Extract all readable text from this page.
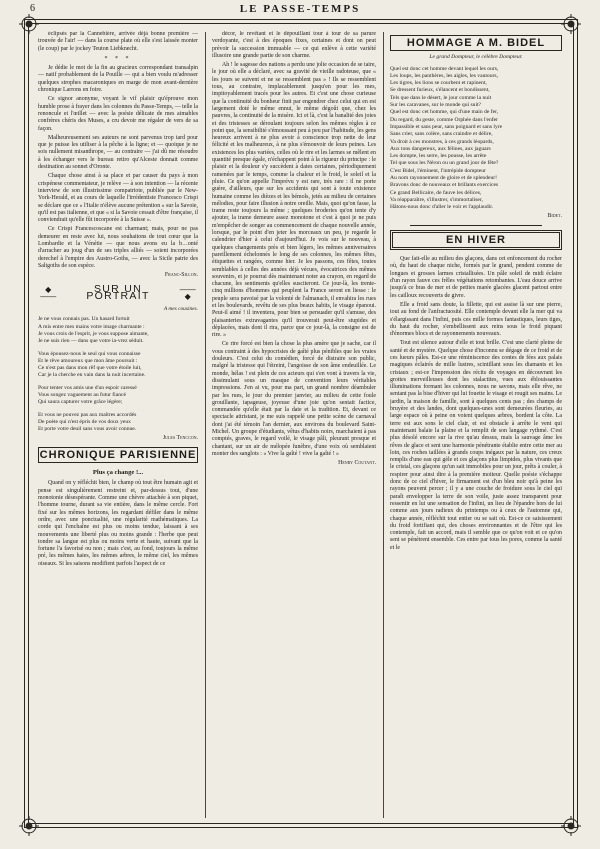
6	LE PASSE-TEMPS

éclipsés par la Cannebière, arrivée déjà bonne première — trouvée de l'air! — dans la course plate où elle s'est laissée monter (le coup) par le jockey Teuton Liebknecht.

* * *

Je dédie le mot de la fin au gracieux correspondant transalpin — natif probablement de la Pouille — qui a bien voulu m'adresser quelques strophes macaroniques en marge de mon avant-dernière chronique Larrons en foire.

Ce signor anonyme, voyant le vif plaisir qu'éprouve mon humble prose à frayer dans les colonnes du Passe-Temps, — telle la renoncule et l'œillet — avec la poésie délicate de mes aimables confrères chéris des Muses, a cru devoir me régaler de vers de sa façon.

Malheureusement ses auteurs ne sont parvenus trop tard pour que je puisse les utiliser à la pêche à la ligne; et — quoique je ne sois nullement misanthrope, — au contraire — j'ai dû me résoudre à les échanger vers le bureau retiro qu'Alceste donnait comme destination au sonnet d'Oronte.

Chaque chose ainsi à sa place et par causer du pays à mon crispénese commentateur, je relève — à son intention — la récente interview de son illustrissime compatriote, publiée par le New-York-Herald, et au cours de laquelle l'irrédentiste Francesco Crispi se déclare que ce « l'Italie n'élève aucune prétention » sur la Savoie, qu'il est pas italienne, et que « si la Savoie cessait d'être française, il conviendrait qu'elle fût incorporée à la Suisse ».

Ce Crispi Francescoscane est charmant; mais, pour ne pas demeurer en reste avec lui, nous souhaitons de tout cœur que la Lombardie et la Vénétie — que nous avons eu la b…onté d'arracher au joug d'un de ses triples alliés — soient incorporées derechef à l'empire des Austro-Goths, — avec la Sicile patrie des Saltgoths de son espèce.

Franc-Sillon.
◆——
SUR UN PORTRAIT
——◆
A mes cousines.
Je ne vous connais pas. Un hasard fortuit
A mis entre mes mains votre image charmante :
Je vous crois de l'esprit, je vous suppose aimante,
Je ne suis rien — dans que votre ia-vrez séduit.
Vous épousez-nous le seul qui vous connaisse
Et le rêve amoureux que mon âme poursuit :
Ce n'est pas dans mon rêf que votre étoile luit,
Car je la cherche en vain dans la nuit incertaine.
Pour tenter vos amis une d'un espoir caressé
Vous songez vaguement au futur fiancé
Qui saura capturer votre grâce légère;
Et vous ne pouvez pas aux maîtres accordés
De poète qui n'est épris de vos doux yeux
Et porte votre deuil sans vous avoir connue.
Jules Tenccon.
CHRONIQUE PARISIENNE
Plus ça change !...

Quand on y réfléchit bien, le champ où tout être humain agit et pense est singulièrement restreint et, par-dessus tout, d'une monotonie désespérante. Comme une chèvre attachée à son piquet, l'homme tourne, durant sa vie entière, dans le même cercle. Fort fixé sur les mêmes horizons, les regardant défiler dans le même ordre, avec une ponctualité, une régularité mathématiques. La corde qui l'enchaîne est plus ou moins tendue, laissant à ses mouvements une liberté plus ou moins grande : l'herbe que peut tondre sa langue est plus ou moins verte et haute, suivant que la fortune l'a favorisé ou non ; mais c'est, au fond, toujours la même pré, les mêmes haies, les mêmes arbres, le même ciel, les mêmes oiseaux. Si les saisons modifient parfois l'aspect de ce

décor, le revêtant et le dépouillant tour à tour de sa parure verdoyante, c'est à des époques fixes, certaines et dont on peut prévoir la succession immuable — ce qui enlève à cette variété illusoire une grande partie de son charme.

Ah ! le sagesse des nations a perdu une jolie occasion de se taire, le jour où elle a déclaré, avec sa gravité de vieille radoteuse, que « les jours se suivent et ne se ressemblent pas » ! Ils se ressemblent tous, au contraire, implacablement jusqu'en pour les mes, impitoyablement tracés pour les autres. Et c'est une chose curieuse que la continuité du bonheur finit par engendrer chez celui qui en est largement doté le même ennui, le même dégoût que, chez les pauvres, la continuité de la misère. Ici et là, c'est la banalité des joies et des tristesses se déroulant toujours selon les mêmes règles à ce point que, la sensibilité s'émoussant peu à peu par l'habitude, les gens heureux arrivent à ne plus avoir à conscience trop nette de leur félicité et les malheureux, à ne plus s'émouvoir de leurs peines. Les existences les plus variées, celles où le rire et les larmes se mêlent en quantité presque égale, n'échappent point à la rigueur du principe : le plaisir et la douleur s'y succèdent à dates certaines, périodiquement ramenées par le temps, comme la chaleur et le froid, le soleil et la pluie. Ce qu'on appelle l'imprévu y est rare, très rare : il ne porte guère, d'ailleurs, que sur les accidents qui sont à toute existence humaine comme les dièzes et les bémols, jetés au milieu de certaines mélodies, pour faire illusion à notre oreille. Mais, quoi qu'on fasse, la trame reste toujours la même ; quelques broderies qu'on tente d'y ajouter, la trame demeure assez monotone et c'est à quoi je ne puis m'empêcher de songer au commencement de chaque nouvelle année, lorsque, par le point d'en jeter les morceaux un peu, je regarde le calendrier d'hier à celui d'aujourd'hui. Je vois sur le nouveau, à quelques changements près et bien légers, les mêmes anniversaires pareillement échelonnés le long de ses colonnes, les mêmes fêtes, étiquettes et rangées, comme hier. Je les passons, ces fêtes, toutes semblables à celles des années déjà vécues, évocatrices des mêmes souvenirs, et je pourrai dès maintenant noter au crayon, en regard de chacune, les sentiments qu'elles susciteront. Ce jour-là, les trente-cinq millions d'hommes qui peuplent la France seront en liesse : le peuple sera pavoisé par la volonté de l'almanach, il envahira les rues et les boulevards, revêtu de ses plus beaux habits, le visage épanoui. Peut-il aimé ! il inventera, pour bien se persuader qu'il s'amuse, des plaisanteries extravagantes qu'il trouverait peut-être stupides et déplacées, mais dont il rira, parce que ce jour-là, la consigne est de rire. »

Ce rire forcé est bien la chose la plus amère que je sache, car il vous contraint à des hypocrisies de gaîté plus pénibles que les vraies douleurs. C'est celui du comédien, forcé de distraire son public, malgré la tristesse qui l'étreint, l'angoisse de son âme endeuillée. Le monde, hélas ! est plein de ces acteurs qui s'en vont à travers la vie, dissimulant sous un masque de convention leurs véritables impressions. J'en ai vu, pour ma part, un grand nombre déambuler par les rues, le jour du premier janvier, au milieu de cette foule grouillante, tapageuse, joyeuse d'une joie qu'on sentait factice, commandée qu'elle était par la date et la tradition. Et, devant ce spectacle attristant, je me suis rappelé une petite scène de carnaval dont j'ai été témoin l'an dernier, aux environs du boulevard Saint-Michel. Un groupe d'étudiants, vêtus d'habits noirs, marchaient à pas comptés, graves, le regard voilé, le visage pâli, pleurant presque et chantant, sur un air de mélopée funèbre, d'une voix où semblaient monter des sanglots : « Vive la gaîté ! vive la gaîté ! »

Henry Coutant.
HOMMAGE A M. BIDEL
Le grand Dompteur, le célèbre Dompteur.
Quel est donc cet homme devant lequel les ours,
Les loups, les panthères, les aigles, les vautours,
Les tigres, les lions se courbent et rapinent,
Se dressent furieux, s'élancent et bondissent,
Tels que dans le désert, le jour comme la nuit
Sur les caravanes, sur le monde qui suit?
Quel est donc cet homme, qui d'une main de fer,
Du regard, du geste, comme Orphée dans l'enfer
Impassible et sans peur, sans poignard et sans lyre
Sans crier, sans colère, sans craindre et délire,
Va droit à ces monstres, à ces grands léopards,
Aux tons dangereux, aux félines, aux jaguars
Les dompte, les serre, les pousse, les arrête
Tel que sous les Néron ou un grand jour de fête?
C'est Bidel, l'éminent, l'intrépide dompteur
Au nom rayonnement de gloire et de splendeur!
Bravons donc de nouveaux et brillants exercices
Ce grand Bellicaire, de fauve les délices,
Va réapparaître, s'illustrer, s'immortaliser,
Hâtons-nous donc d'aller le voir et l'applaudir.
Bidet.
EN HIVER

Que fait-elle au milieu des glaçons, dans cet enfoncement du rocher où, du haut de chaque niche, formés par le grand, pendent comme de longues et grosses larmes cristallisées. Un pâle soleil de midi éclaire d'un rayon fauve ces frêles végétations retombantes. L'eau douce arrive jusqu'à ce bras de mer et de petites marée glacées glacent partout entre les cailloux recouverts de givre.

Elle a froid sans doute, la fillette, qui est assise là sur une pierre, tout au fond de l'anfractuosité. Elle contemple devant elle la mer qui va s'élargissant dans l'infini, puis ces mille formes fantastiques, leurs tiges, du haut du rocher, s'embellissent aux reins sous le froid piquant d'énormes blocs et de rayonnements nouveaux.

Tout est silence autour d'elle et tout brille. C'est une clarté pleine de santé et de mystère. Quelque chose d'inconnu se dégage de ce froid et de ces lueurs pâles. Est-ce une réminiscence des contes de fées aux palais magiques éclairés de mille lustres, scintillant sous les diamants et les cristaux ; est-ce l'impression des récits de voyages en découvrant les grottes merveilleuses dont les stalactites, vues aux éblouissantes illuminations formant les colonnes, nous ne savons, mais elle rêve, ne sentant pas la bise d'hiver qui lui fouette le visage et rougit ses mains. Le jardin, la maison de famille, sont à quelques cents pas ; des champs de bruyère et des landes, dont quelques-unes sont demeurées fleuries, au large espace où à peine on voient quelques arbres, bordent la côte. La terre est aux sons le ciel clair, et est obstacle à arrête le vent qui maintenant balaie la plaine et la remplit de son langage rythmé. C'est plus désolé encore sur la rive qu'au dessus, mais la sauvage âme les rêves de glace et sent une harmonie pénétrante établie entre cette mer au loin, ces roches taillées à grands coups inégaux par la nature, ces creux remplis d'une eau qui gèle et ces glaçons plus limpides, plus vivants que le cristal, ces glaçons qu'un sait immobiles pour un jour, prêts à couler, à respirer pour ainsi dire à la première moiteur. Quelle poésie s'échappe donc de ce ciel d'hiver, le firmament est d'un bleu noir qu'à peine les rayons peuvent percer ; il y a une couche de froidure sous le ciel qui paraît envelopper la terre de son voile, juste assez transparent pour ressentir en lui une sensation de l'infini, un lieu de l'épandre hors de lui comme aux jours radieux du printemps ou à ceux de l'automne qui, chaque année, réfléchit tout entier ou se sait où. Est-ce ce saisissement du froid fortifiant qui, des choses environnantes et de l'être qui les contemple, fait un accord, mais il semble que ce qu'on voit et ce qu'on sent se pénètrent ensemble. Ces entre par tous les pores, comme la santé et le
